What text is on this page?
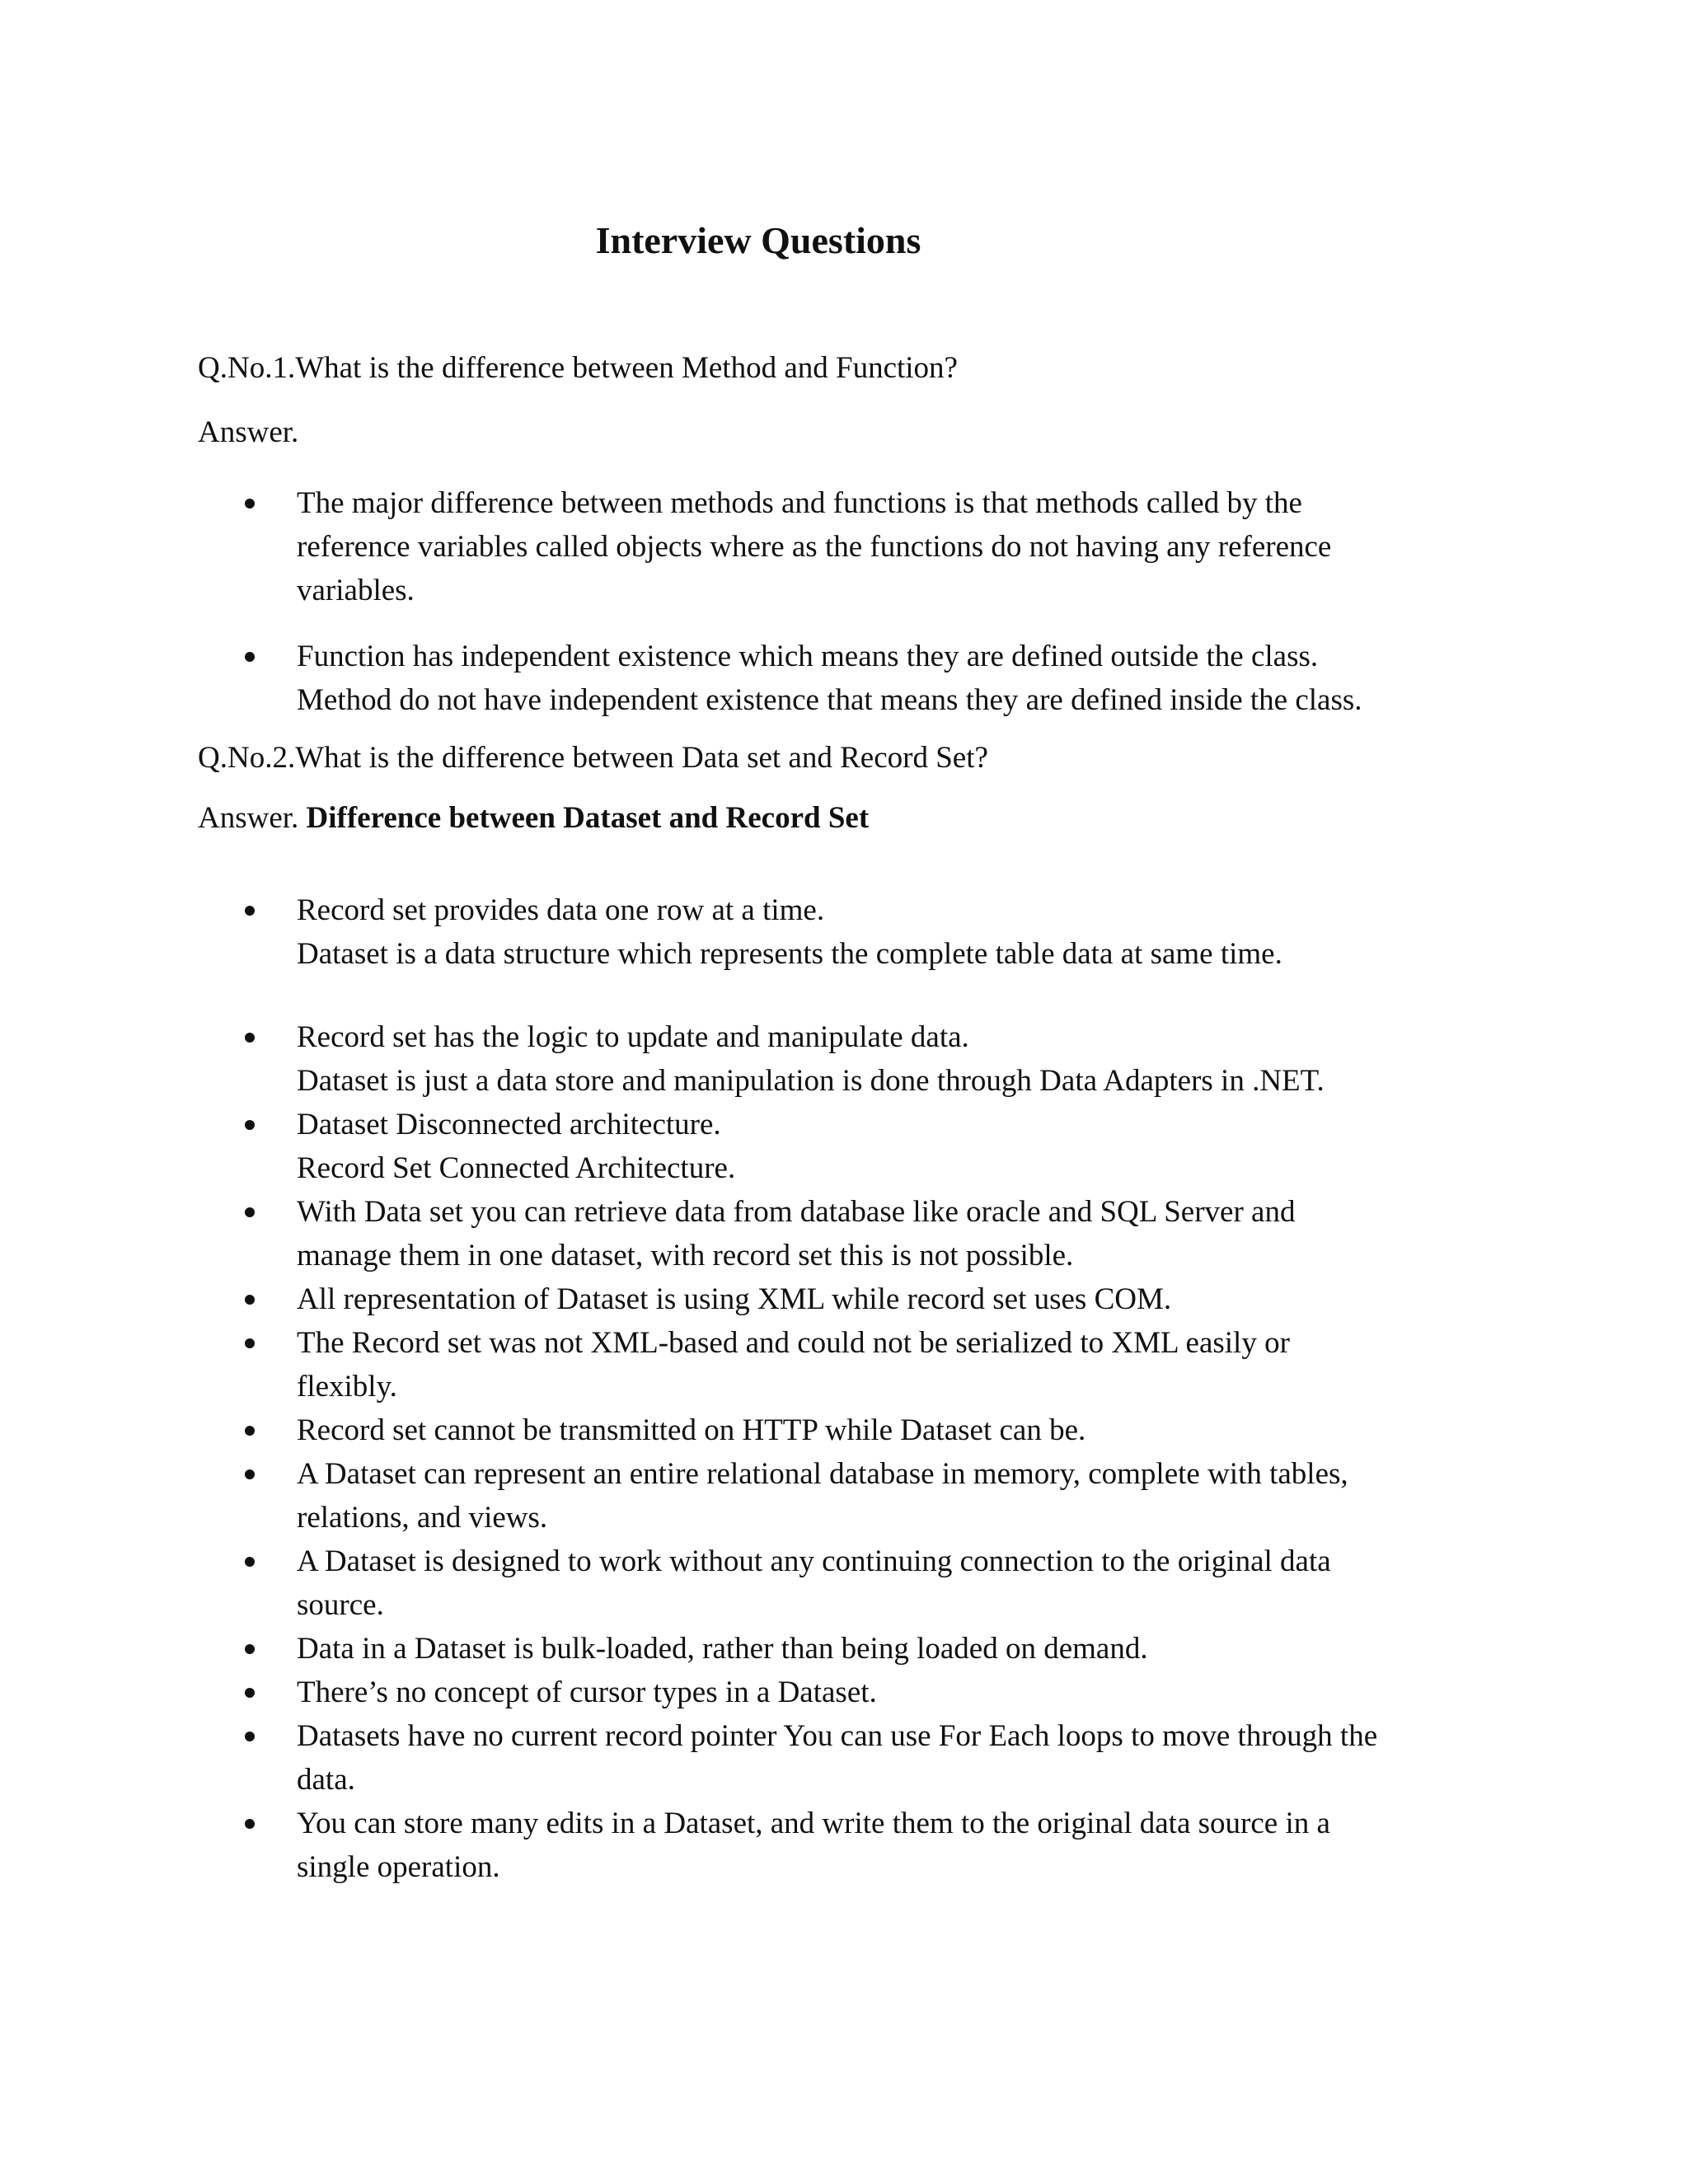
Interview Questions

Q.No.1.What is the difference between Method and Function?

Answer.

The major difference between methods and functions is that methods called by the
reference variables called objects where as the functions do not having any reference
variables.
Function has independent existence which means they are defined outside the class.
Method do not have independent existence that means they are defined inside the class.

Q.No.2.What is the difference between Data set and Record Set?

Answer. Difference between Dataset and Record Set

Record set provides data one row at a time.
Dataset is a data structure which represents the complete table data at same time.
Record set has the logic to update and manipulate data.
Dataset is just a data store and manipulation is done through Data Adapters in .NET.
Dataset Disconnected architecture.
Record Set Connected Architecture.
With Data set you can retrieve data from database like oracle and SQL Server and
manage them in one dataset, with record set this is not possible.
All representation of Dataset is using XML while record set uses COM.
The Record set was not XML-based and could not be serialized to XML easily or
flexibly.
Record set cannot be transmitted on HTTP while Dataset can be.
A Dataset can represent an entire relational database in memory, complete with tables,
relations, and views.
A Dataset is designed to work without any continuing connection to the original data
source.
Data in a Dataset is bulk-loaded, rather than being loaded on demand.
There’s no concept of cursor types in a Dataset.
Datasets have no current record pointer You can use For Each loops to move through the
data.
You can store many edits in a Dataset, and write them to the original data source in a
single operation.
